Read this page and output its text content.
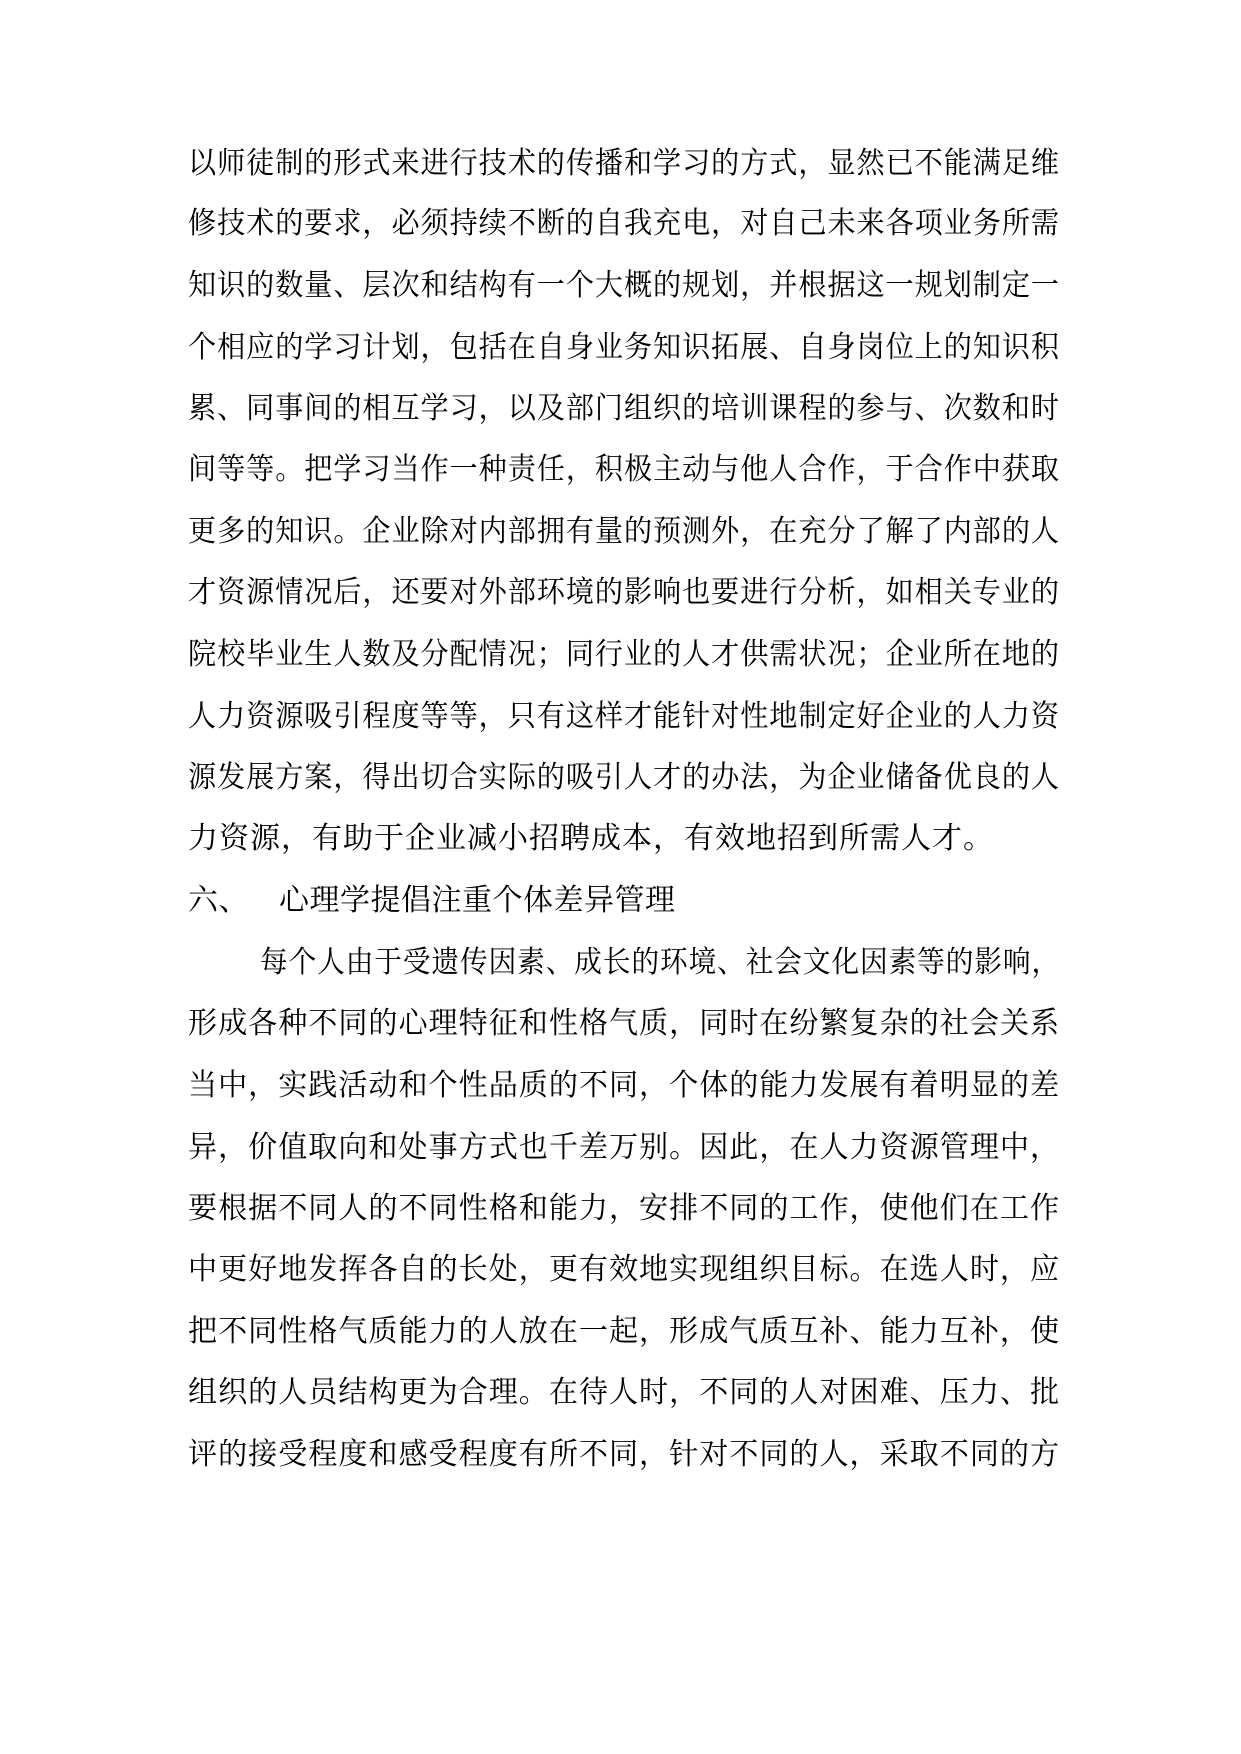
以师徒制的形式来进行技术的传播和学习的方式，显然已不能满足维
修技术的要求，必须持续不断的自我充电，对自己未来各项业务所需
知识的数量、层次和结构有一个大概的规划，并根据这一规划制定一
个相应的学习计划，包括在自身业务知识拓展、自身岗位上的知识积
累、同事间的相互学习，以及部门组织的培训课程的参与、次数和时
间等等。把学习当作一种责任，积极主动与他人合作，于合作中获取
更多的知识。企业除对内部拥有量的预测外，在充分了解了内部的人
才资源情况后，还要对外部环境的影响也要进行分析，如相关专业的
院校毕业生人数及分配情况；同行业的人才供需状况；企业所在地的
人力资源吸引程度等等，只有这样才能针对性地制定好企业的人力资
源发展方案，得出切合实际的吸引人才的办法，为企业储备优良的人
力资源，有助于企业减小招聘成本，有效地招到所需人才。
六、 心理学提倡注重个体差异管理
每个人由于受遗传因素、成长的环境、社会文化因素等的影响，
形成各种不同的心理特征和性格气质，同时在纷繁复杂的社会关系
当中，实践活动和个性品质的不同，个体的能力发展有着明显的差
异，价值取向和处事方式也千差万别。因此，在人力资源管理中，
要根据不同人的不同性格和能力，安排不同的工作，使他们在工作
中更好地发挥各自的长处，更有效地实现组织目标。在选人时，应
把不同性格气质能力的人放在一起，形成气质互补、能力互补，使
组织的人员结构更为合理。在待人时，不同的人对困难、压力、批
评的接受程度和感受程度有所不同，针对不同的人，采取不同的方
